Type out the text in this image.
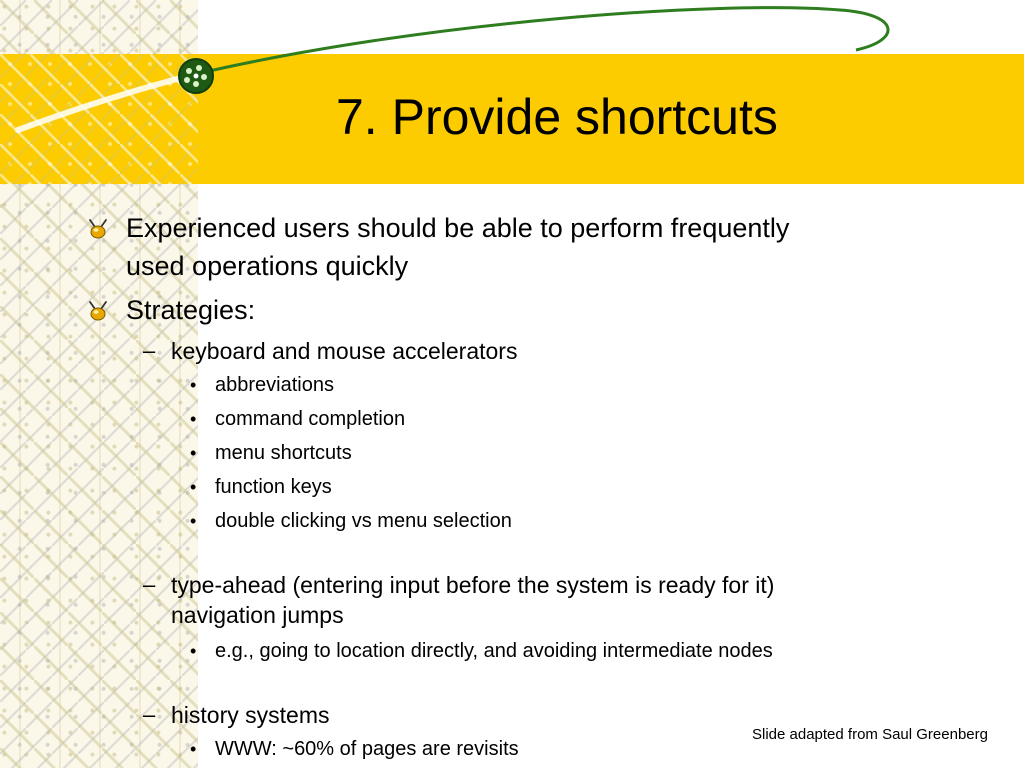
7. Provide shortcuts
Experienced users should be able to perform frequently
used operations quickly
Strategies:
– keyboard and mouse accelerators
• abbreviations
• command completion
• menu shortcuts
• function keys
• double clicking vs menu selection
– type-ahead (entering input before the system is ready for it)
navigation jumps
• e.g., going to location directly, and avoiding intermediate nodes
– history systems
• WWW: ~60% of pages are revisits
Slide adapted from Saul Greenberg
